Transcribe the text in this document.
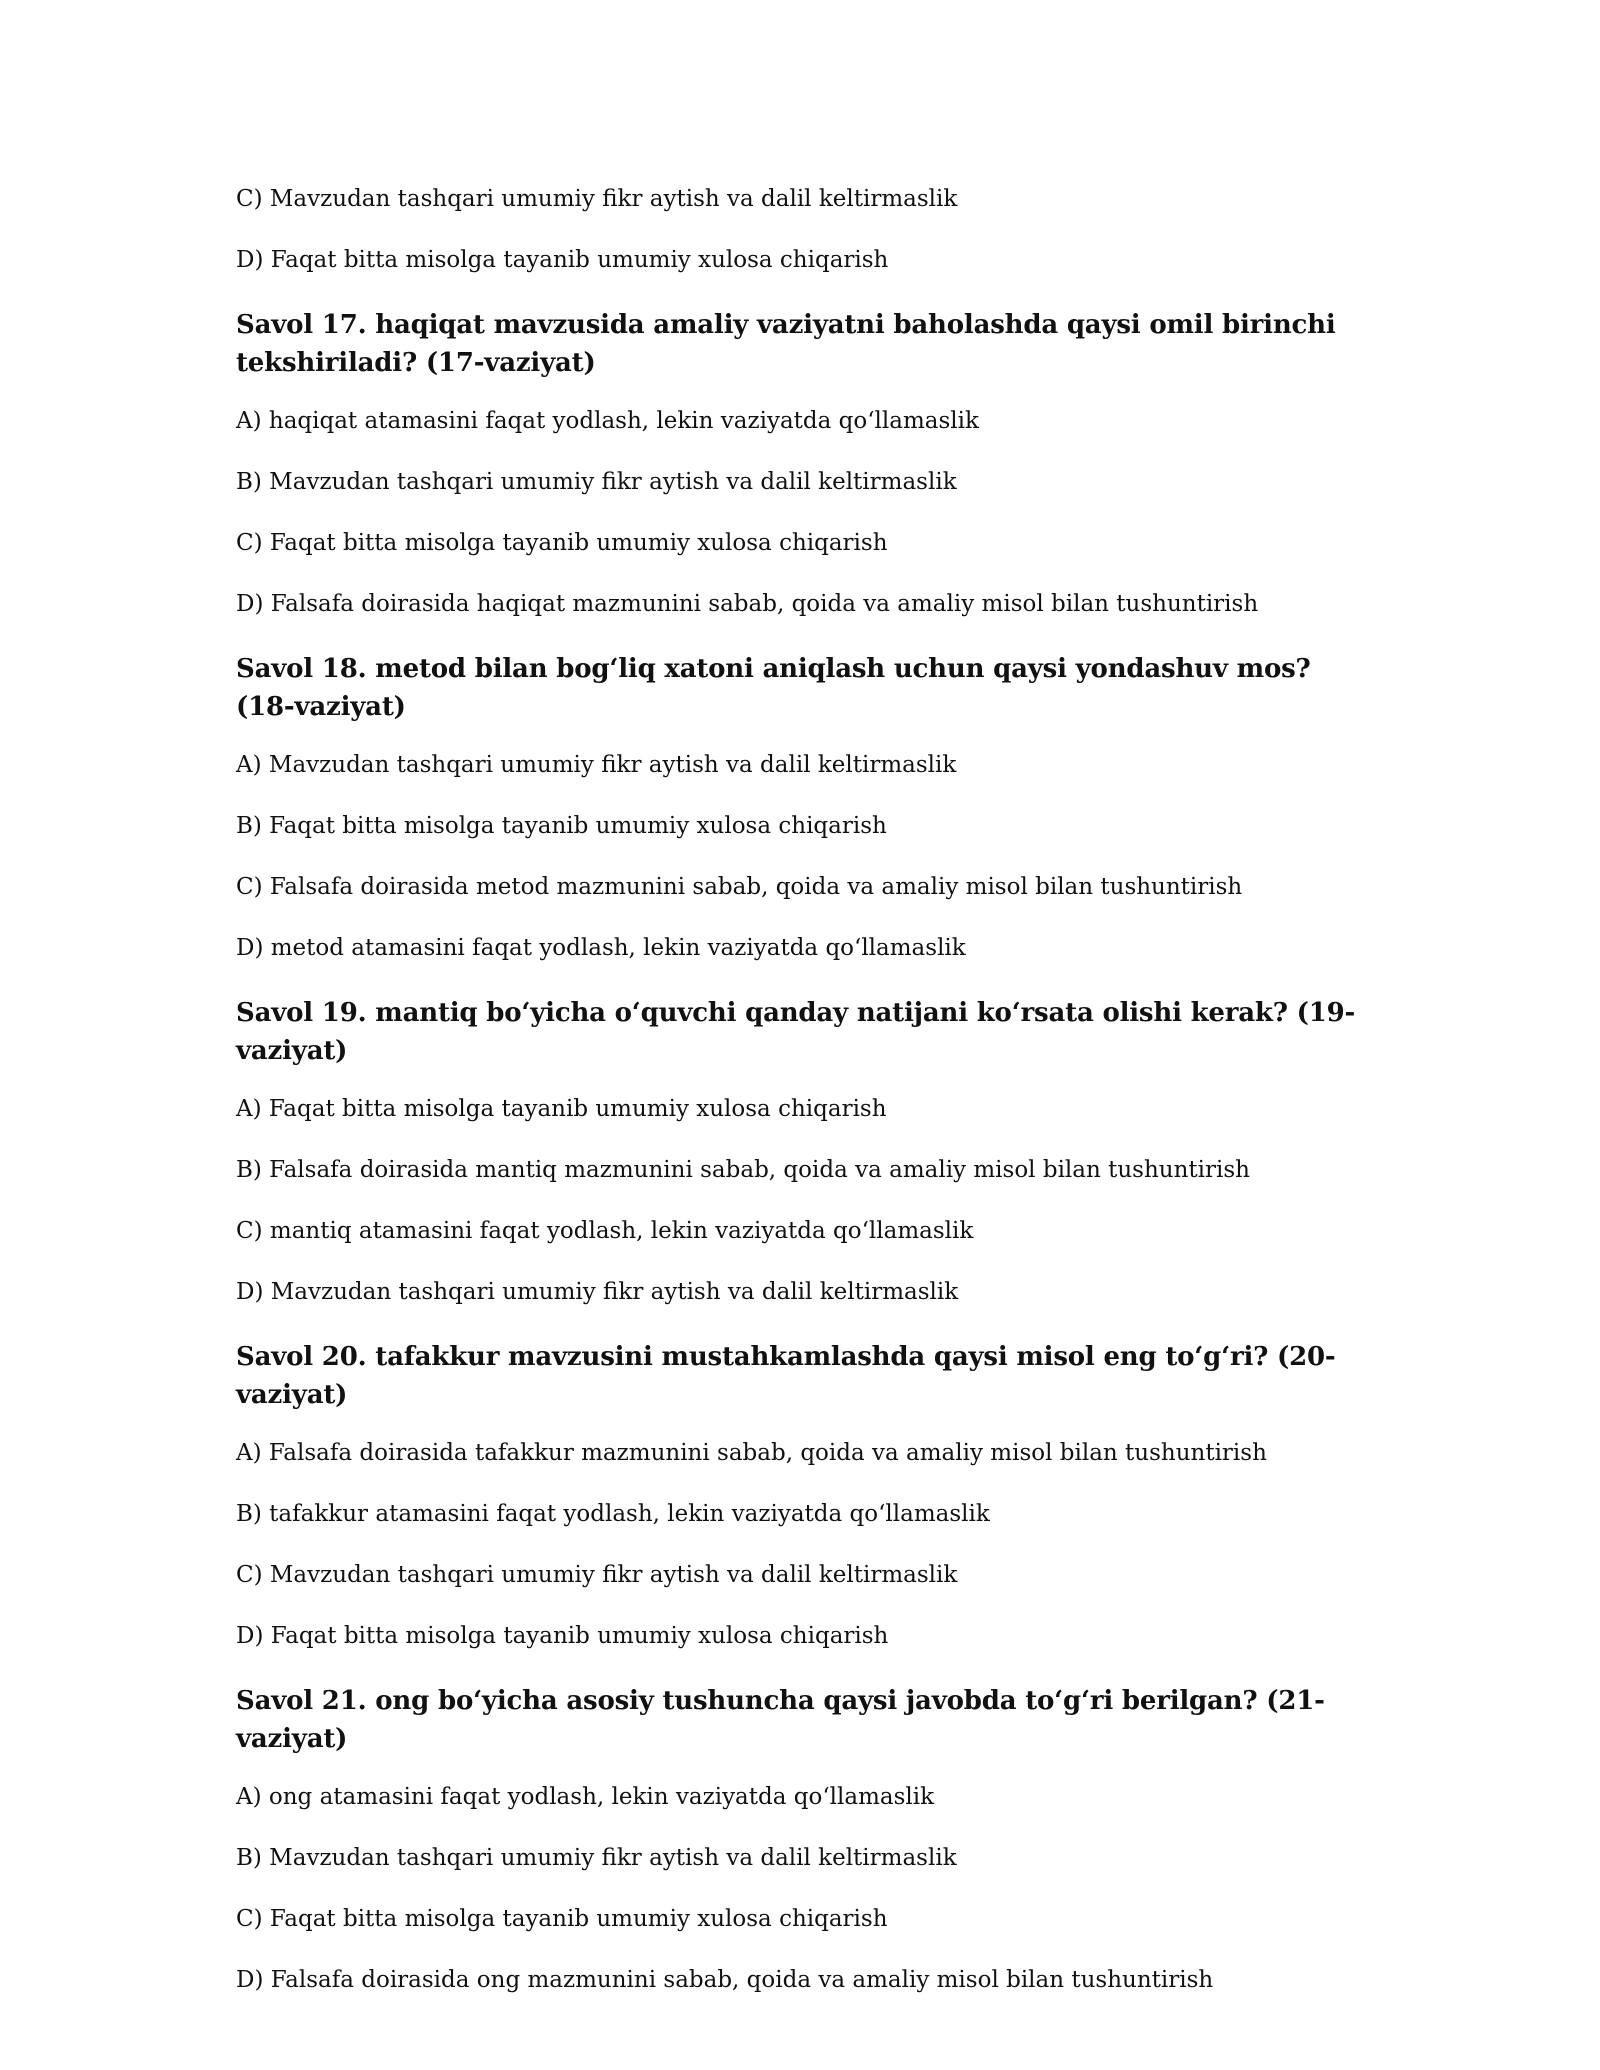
C) Mavzudan tashqari umumiy fikr aytish va dalil keltirmaslik

D) Faqat bitta misolga tayanib umumiy xulosa chiqarish

Savol 17. haqiqat mavzusida amaliy vaziyatni baholashda qaysi omil birinchi tekshiriladi? (17-vaziyat)

A) haqiqat atamasini faqat yodlash, lekin vaziyatda qo‘llamaslik

B) Mavzudan tashqari umumiy fikr aytish va dalil keltirmaslik

C) Faqat bitta misolga tayanib umumiy xulosa chiqarish

D) Falsafa doirasida haqiqat mazmunini sabab, qoida va amaliy misol bilan tushuntirish

Savol 18. metod bilan bog‘liq xatoni aniqlash uchun qaysi yondashuv mos? (18-vaziyat)

A) Mavzudan tashqari umumiy fikr aytish va dalil keltirmaslik

B) Faqat bitta misolga tayanib umumiy xulosa chiqarish

C) Falsafa doirasida metod mazmunini sabab, qoida va amaliy misol bilan tushuntirish

D) metod atamasini faqat yodlash, lekin vaziyatda qo‘llamaslik

Savol 19. mantiq bo‘yicha o‘quvchi qanday natijani ko‘rsata olishi kerak? (19-vaziyat)

A) Faqat bitta misolga tayanib umumiy xulosa chiqarish

B) Falsafa doirasida mantiq mazmunini sabab, qoida va amaliy misol bilan tushuntirish

C) mantiq atamasini faqat yodlash, lekin vaziyatda qo‘llamaslik

D) Mavzudan tashqari umumiy fikr aytish va dalil keltirmaslik

Savol 20. tafakkur mavzusini mustahkamlashda qaysi misol eng to‘g‘ri? (20-vaziyat)

A) Falsafa doirasida tafakkur mazmunini sabab, qoida va amaliy misol bilan tushuntirish

B) tafakkur atamasini faqat yodlash, lekin vaziyatda qo‘llamaslik

C) Mavzudan tashqari umumiy fikr aytish va dalil keltirmaslik

D) Faqat bitta misolga tayanib umumiy xulosa chiqarish

Savol 21. ong bo‘yicha asosiy tushuncha qaysi javobda to‘g‘ri berilgan? (21-vaziyat)

A) ong atamasini faqat yodlash, lekin vaziyatda qo‘llamaslik

B) Mavzudan tashqari umumiy fikr aytish va dalil keltirmaslik

C) Faqat bitta misolga tayanib umumiy xulosa chiqarish

D) Falsafa doirasida ong mazmunini sabab, qoida va amaliy misol bilan tushuntirish
